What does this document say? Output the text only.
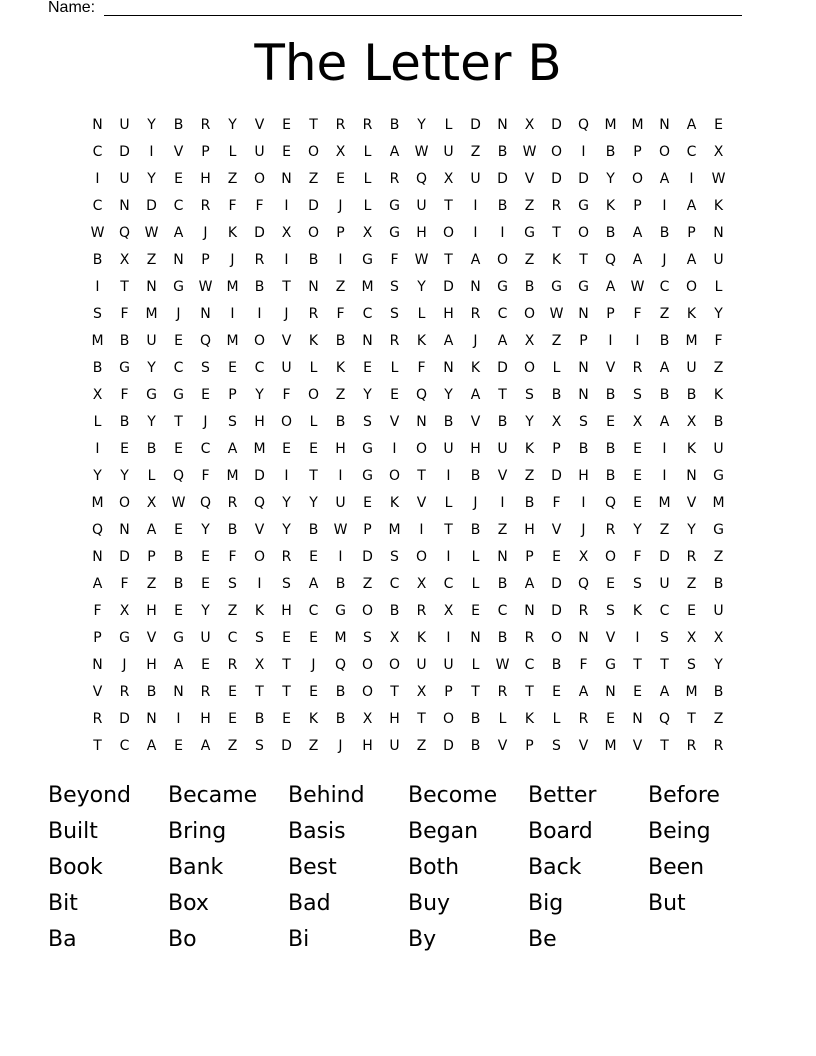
Name:
The Letter B
N	U	Y	B	R	Y	V	E	T	R	R	B	Y	L	D	N	X	D	Q	M	M	N	A	E
C	D	I	V	P	L	U	E	O	X	L	A	W	U	Z	B	W	O	I	B	P	O	C	X
I	U	Y	E	H	Z	O	N	Z	E	L	R	Q	X	U	D	V	D	D	Y	O	A	I	W
C	N	D	C	R	F	F	I	D	J	L	G	U	T	I	B	Z	R	G	K	P	I	A	K
W	Q	W	A	J	K	D	X	O	P	X	G	H	O	I	I	G	T	O	B	A	B	P	N
B	X	Z	N	P	J	R	I	B	I	G	F	W	T	A	O	Z	K	T	Q	A	J	A	U
I	T	N	G	W	M	B	T	N	Z	M	S	Y	D	N	G	B	G	G	A	W	C	O	L
S	F	M	J	N	I	I	J	R	F	C	S	L	H	R	C	O	W	N	P	F	Z	K	Y
M	B	U	E	Q	M	O	V	K	B	N	R	K	A	J	A	X	Z	P	I	I	B	M	F
B	G	Y	C	S	E	C	U	L	K	E	L	F	N	K	D	O	L	N	V	R	A	U	Z
X	F	G	G	E	P	Y	F	O	Z	Y	E	Q	Y	A	T	S	B	N	B	S	B	B	K
L	B	Y	T	J	S	H	O	L	B	S	V	N	B	V	B	Y	X	S	E	X	A	X	B
I	E	B	E	C	A	M	E	E	H	G	I	O	U	H	U	K	P	B	B	E	I	K	U
Y	Y	L	Q	F	M	D	I	T	I	G	O	T	I	B	V	Z	D	H	B	E	I	N	G
M	O	X	W	Q	R	Q	Y	Y	U	E	K	V	L	J	I	B	F	I	Q	E	M	V	M
Q	N	A	E	Y	B	V	Y	B	W	P	M	I	T	B	Z	H	V	J	R	Y	Z	Y	G
N	D	P	B	E	F	O	R	E	I	D	S	O	I	L	N	P	E	X	O	F	D	R	Z
A	F	Z	B	E	S	I	S	A	B	Z	C	X	C	L	B	A	D	Q	E	S	U	Z	B
F	X	H	E	Y	Z	K	H	C	G	O	B	R	X	E	C	N	D	R	S	K	C	E	U
P	G	V	G	U	C	S	E	E	M	S	X	K	I	N	B	R	O	N	V	I	S	X	X
N	J	H	A	E	R	X	T	J	Q	O	O	U	U	L	W	C	B	F	G	T	T	S	Y
V	R	B	N	R	E	T	T	E	B	O	T	X	P	T	R	T	E	A	N	E	A	M	B
R	D	N	I	H	E	B	E	K	B	X	H	T	O	B	L	K	L	R	E	N	Q	T	Z
T	C	A	E	A	Z	S	D	Z	J	H	U	Z	D	B	V	P	S	V	M	V	T	R	R
Beyond	Became	Behind	Become	Better	Before
Built	Bring	Basis	Began	Board	Being
Book	Bank	Best	Both	Back	Been
Bit	Box	Bad	Buy	Big	But
Ba	Bo	Bi	By	Be
